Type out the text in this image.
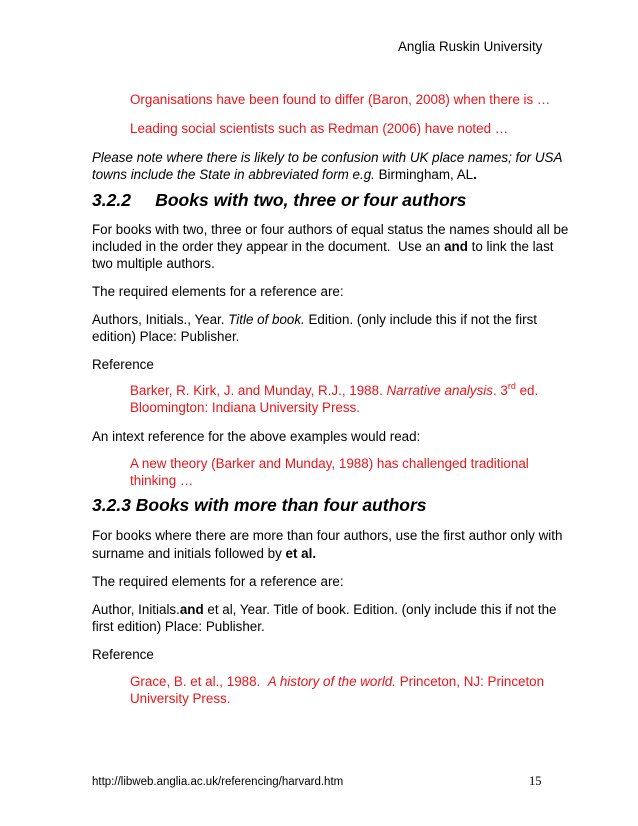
Anglia Ruskin University
Organisations have been found to differ (Baron, 2008) when there is …
Leading social scientists such as Redman (2006) have noted …
Please note where there is likely to be confusion with UK place names; for USA
towns include the State in abbreviated form e.g. Birmingham, AL.
3.2.2     Books with two, three or four authors
For books with two, three or four authors of equal status the names should all be
included in the order they appear in the document.  Use an and to link the last
two multiple authors.
The required elements for a reference are:
Authors, Initials., Year. Title of book. Edition. (only include this if not the first
edition) Place: Publisher.
Reference
Barker, R. Kirk, J. and Munday, R.J., 1988. Narrative analysis. 3rd ed.
Bloomington: Indiana University Press.
An intext reference for the above examples would read:
A new theory (Barker and Munday, 1988) has challenged traditional
thinking …
3.2.3 Books with more than four authors
For books where there are more than four authors, use the first author only with
surname and initials followed by et al.
The required elements for a reference are:
Author, Initials.and et al, Year. Title of book. Edition. (only include this if not the
first edition) Place: Publisher.
Reference
Grace, B. et al., 1988.  A history of the world. Princeton, NJ: Princeton
University Press.
http://libweb.anglia.ac.uk/referencing/harvard.htm	15
